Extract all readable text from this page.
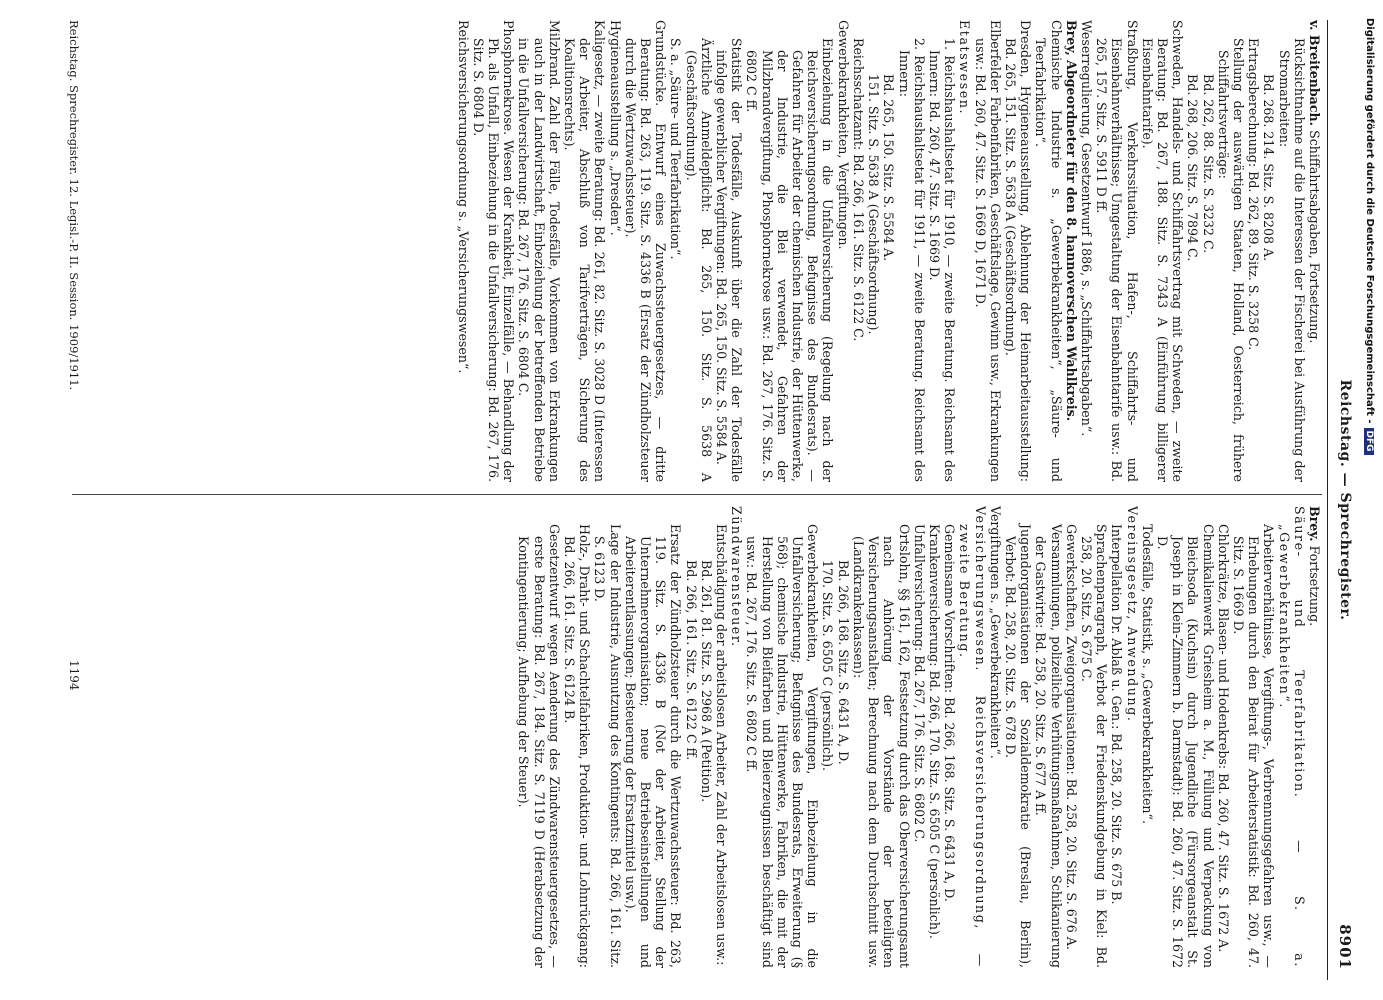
Reichstag. — Sprechregister.
8901

v. Breitenbach. Schiffahrtsabgaben, Fortsetzung.

Rücksichtnahme auf die Interessen der Fischerei bei Ausführung der Stromarbeiten:

Bd. 268. 214. Sitz. S. 8208 A.

Ertragsberechnung: Bd. 262, 89. Sitz. S. 3258 C.

Stellung der auswärtigen Staaten, Holland, Oesterreich, frühere Schiffahrtsverträge:

Bd. 262, 88. Sitz. S. 3232 C.

Bd. 268, 206. Sitz. S. 7894 C.

Schweden, Handels- und Schiffahrtsvertrag mit Schweden, — zweite Beratung: Bd. 267, 188. Sitz. S. 7343 A (Einführung billigerer Eisenbahntarife).

Straßburg, Verkehrssituation, Hafen-, Schiffahrts- und Eisenbahnverhältnisse; Umgestaltung der Eisenbahntarife usw.: Bd. 265, 157. Sitz. S. 5911 D ff.

Weserregulierung, Gesetzentwurf 1886, s. „Schiffahrtsabgaben“.

Brey, Abgeordneter für den 8. hannoverschen Wahlkreis.

Chemische Industrie s. „Gewerbekrankheiten“, „Säure- und Teerfabrikation“.

Dresden, Hygieneausstellung, Ablehnung der Heimarbeitausstellung: Bd. 265, 151. Sitz. S. 5638 A (Geschäftsordnung).

Elberfelder Farbenfabriken, Geschäftslage, Gewinn usw., Erkrankungen usw.: Bd. 260, 47. Sitz. S. 1669 D, 1671 D.

Etatswesen.

1. Reichshaushaltsetat für 1910, — zweite Beratung. Reichsamt des Innern: Bd. 260, 47. Sitz. S. 1669 D.

2. Reichshaushaltsetat für 1911, — zweite Beratung. Reichsamt des Innern:

Bd. 265, 150. Sitz. S. 5584 A.

151. Sitz. S. 5638 A (Geschäftsordnung).

Reichsschatzamt: Bd. 266, 161. Sitz. S. 6122 C.

Gewerbekrankheiten, Vergiftungen.

Einbeziehung in die Unfallversicherung (Regelung nach der Reichsversicherungsordnung, Befugnisse des Bundesrats). — Gefahren für Arbeiter der chemischen Industrie, der Hüttenwerke, der Industrie, die Blei verwendet, Gefahren der Milzbrandvergiftung, Phosphornekrose usw.: Bd. 267, 176. Sitz. S. 6802 C ff.

Statistik der Todesfälle, Auskunft über die Zahl der Todesfälle infolge gewerblicher Vergiftungen: Bd. 265, 150. Sitz. S. 5584 A.

Ärztliche Anmeldepflicht: Bd. 265, 150. Sitz. S. 5638 A (Geschäftsordnung).

S. a. „Säure- und Teerfabrikation“.

Grundstücke. Entwurf eines Zuwachssteuergesetzes, — dritte Beratung: Bd. 263, 119. Sitz. S. 4336 B (Ersatz der Zündholzsteuer durch die Wertzuwachssteuer).

Hygieneausstellung s. „Dresden“.

Kaligesetz, — zweite Beratung: Bd. 261, 82. Sitz. S. 3028 D (Interessen der Arbeiter, Abschluß von Tarifverträgen, Sicherung des Koalitionsrechts).

Milzbrand. Zahl der Fälle, Todesfälle, Vorkommen von Erkrankungen auch in der Landwirtschaft, Einbeziehung der betreffenden Betriebe in die Unfallversicherung: Bd. 267, 176. Sitz. S. 6804 C.

Phosphornekrose. Wesen der Krankheit, Einzelfälle, — Behandlung der Ph. als Unfall, Einbeziehung in die Unfallversicherung: Bd. 267, 176. Sitz. S. 6804 D.

Reichsversicherungsordnung s. „Versicherungswesen“.

Reichstag. Sprechregister. 12. Legisl.-P. II. Session. 1909/1911.

Brey. Fortsetzung.

Säure- und Teerfabrikation. — S. a. „Gewerbekrankheiten“.

Arbeiterverhältnisse, Vergiftungs-, Verbrennungsgefahren usw., — Erhebungen durch den Beirat für Arbeiterstatistik: Bd. 260, 47. Sitz. S. 1669 D.

Chlorkrätze, Blasen- und Hodenkrebs: Bd. 260, 47. Sitz. S. 1672 A.

Chemikalienwerk Griesheim a. M., Füllung und Verpackung von Bleichsoda (Kuchsin) durch Jugendliche (Fürsorgeanstalt St. Joseph in Klein-Zimmern b. Darmstadt): Bd. 260, 47. Sitz. S. 1672 D.

Todesfälle, Statistik, s. „Gewerbekrankheiten“.

Vereinsgesetz, Anwendung.

Interpellation Dr. Ablaß u. Gen.: Bd. 258, 20. Sitz. S. 675 B.

Sprachenparagraph, Verbot der Friedenskundgebung in Kiel: Bd. 258, 20. Sitz. S. 675 C.

Gewerkschaften, Zweigorganisationen: Bd. 258, 20. Sitz. S. 676 A.

Versammlungen, polizeiliche Verhütungsmaßnahmen, Schikanierung der Gastwirte: Bd. 258, 20. Sitz. S. 677 A ff.

Jugendorganisationen der Sozialdemokratie (Breslau, Berlin), Verbot: Bd. 258, 20. Sitz. S. 678 D.

Vergiftungen s. „Gewerbekrankheiten“.

Versicherungswesen. Reichsversicherungsordnung, — zweite Beratung.

Gemeinsame Vorschriften: Bd. 266, 168. Sitz. S. 6431 A, D.

Krankenversicherung: Bd. 266, 170. Sitz. S. 6505 C (persönlich).

Unfallversicherung: Bd. 267, 176. Sitz. S. 6802 C.

Ortslohn, §§ 161, 162, Festsetzung durch das Oberversicherungsamt nach Anhörung der Vorstände der beteiligten Versicherungsanstalten; Berechnung nach dem Durchschnitt usw. (Landkrankenkassen):

Bd. 266, 168. Sitz. S. 6431 A, D.

170. Sitz. S. 6505 C (persönlich).

Gewerbekrankheiten, Vergiftungen, Einbeziehung in die Unfallversicherung; Befugnisse des Bundesrats, Erweiterung (§ 568); chemische Industrie, Hüttenwerke, Fabriken, die mit der Herstellung von Bleifarben und Bleierzeugnissen beschäftigt sind usw.: Bd. 267, 176. Sitz. S. 6802 C ff.

Zündwarensteuer.

Entschädigung der arbeitslosen Arbeiter, Zahl der Arbeitslosen usw.:

Bd. 261, 81. Sitz. S. 2968 A (Petition).

Bd. 266, 161. Sitz. S. 6122 C ff.

Ersatz der Zündholzsteuer durch die Wertzuwachssteuer: Bd. 263, 119. Sitz. S. 4336 B (Not der Arbeiter, Stellung der Unternehmerorganisation; neue Betriebseinstellungen und Arbeiterentlassungen; Besteuerung der Ersatzmittel usw.).

Lage der Industrie, Ausnutzung des Kontingents: Bd. 266, 161. Sitz. S. 6123 D.

Holz-, Draht- und Schachtelfabriken, Produktion- und Lohnrückgang: Bd. 266, 161. Sitz. S. 6124 B.

Gesetzentwurf wegen Aenderung des Zündwarensteuergesetzes, — erste Beratung: Bd. 267, 184. Sitz. S. 7119 D (Herabsetzung der Kontingentierung; Aufhebung der Steuer).

1194
Digitalisierung gefördert durch die Deutsche Forschungsgemeinschaft -DFG
